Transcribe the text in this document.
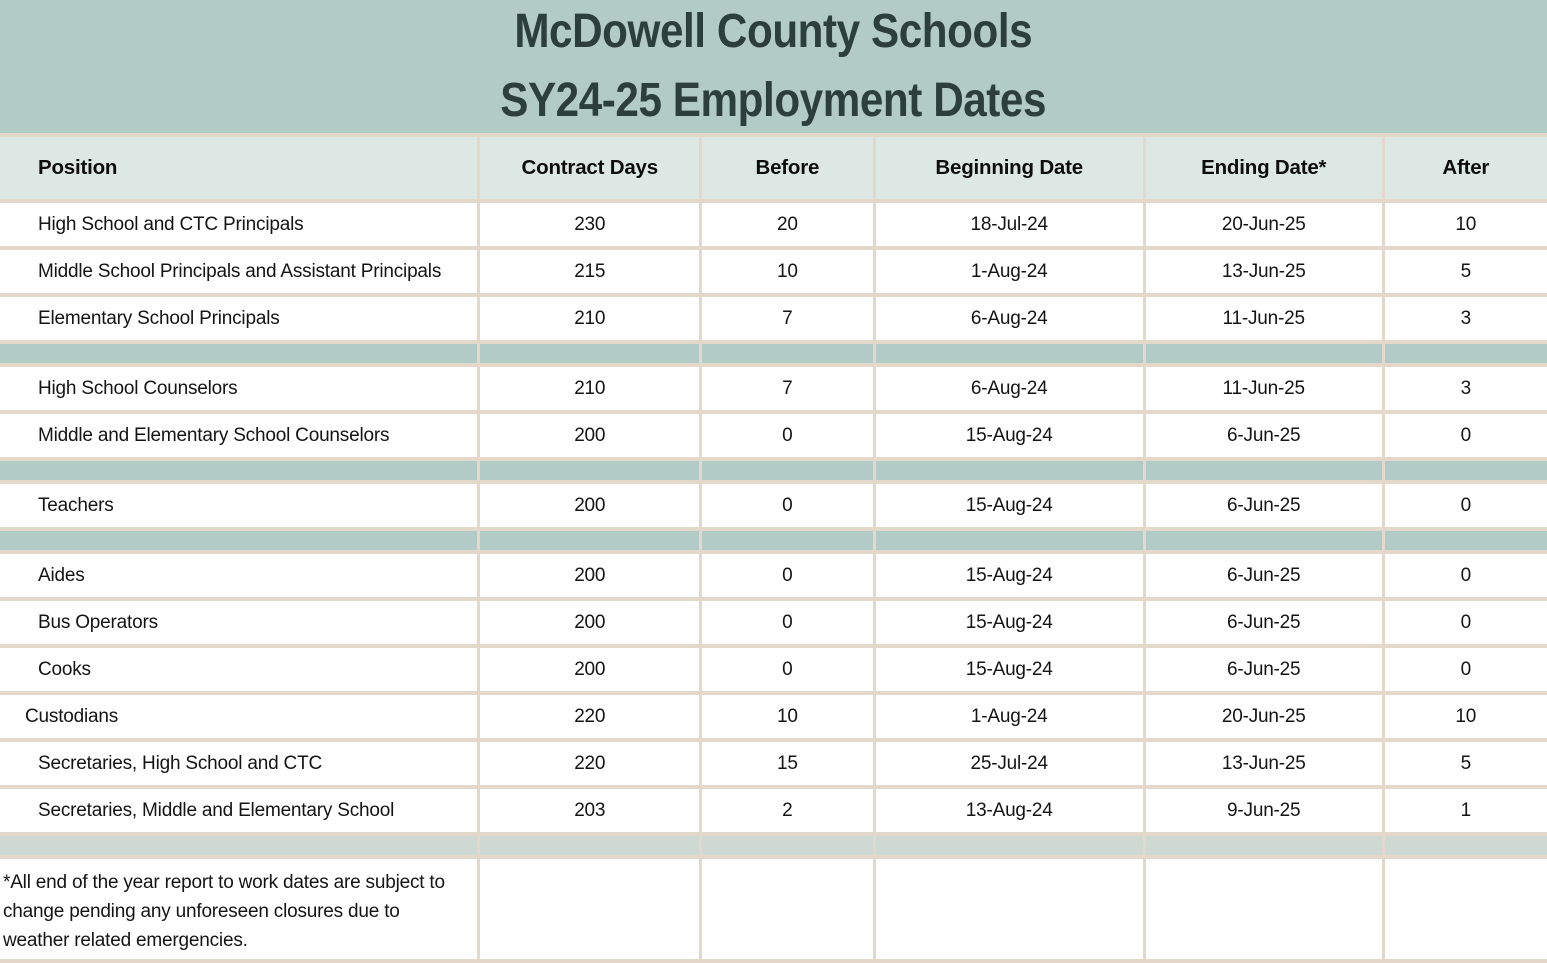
McDowell County Schools
SY24-25 Employment Dates
Position	Contract Days	Before	Beginning Date	Ending Date*	After
High School and CTC Principals	230	20	18-Jul-24	20-Jun-25	10
Middle School Principals and Assistant Principals	215	10	1-Aug-24	13-Jun-25	5
Elementary School Principals	210	7	6-Aug-24	11-Jun-25	3
High School Counselors	210	7	6-Aug-24	11-Jun-25	3
Middle and Elementary School Counselors	200	0	15-Aug-24	6-Jun-25	0
Teachers	200	0	15-Aug-24	6-Jun-25	0
Aides	200	0	15-Aug-24	6-Jun-25	0
Bus Operators	200	0	15-Aug-24	6-Jun-25	0
Cooks	200	0	15-Aug-24	6-Jun-25	0
Custodians	220	10	1-Aug-24	20-Jun-25	10
Secretaries, High School and CTC	220	15	25-Jul-24	13-Jun-25	5
Secretaries, Middle and Elementary School	203	2	13-Aug-24	9-Jun-25	1
*All end of the year report to work dates are subject to
change pending any unforeseen closures due to
weather related emergencies.
